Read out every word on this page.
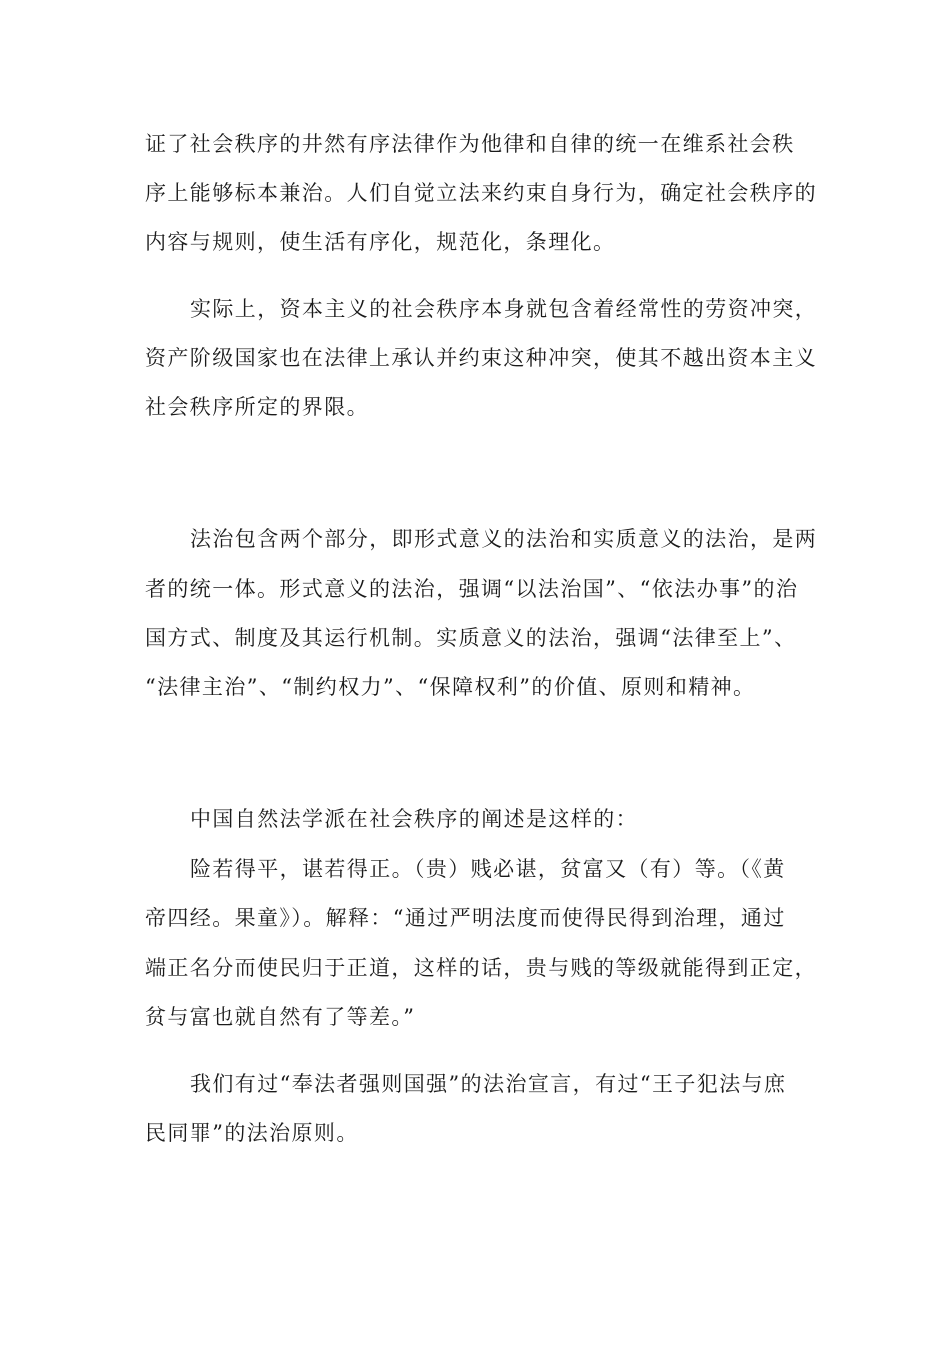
证了社会秩序的井然有序法律作为他律和自律的统一在维系社会秩
序上能够标本兼治。人们自觉立法来约束自身行为，确定社会秩序的
内容与规则，使生活有序化，规范化，条理化。
实际上，资本主义的社会秩序本身就包含着经常性的劳资冲突，
资产阶级国家也在法律上承认并约束这种冲突，使其不越出资本主义
社会秩序所定的界限。
法治包含两个部分，即形式意义的法治和实质意义的法治，是两
者的统一体。形式意义的法治，强调“以法治国”、“依法办事”的治
国方式、制度及其运行机制。实质意义的法治，强调“法律至上”、
“法律主治”、“制约权力”、“保障权利”的价值、原则和精神。
中国自然法学派在社会秩序的阐述是这样的：
险若得平，谌若得正。（贵）贱必谌，贫富又（有）等。（《黄
帝四经。果童》）。解释：“通过严明法度而使得民得到治理，通过
端正名分而使民归于正道，这样的话，贵与贱的等级就能得到正定，
贫与富也就自然有了等差。”
我们有过“奉法者强则国强”的法治宣言，有过“王子犯法与庶
民同罪”的法治原则。
